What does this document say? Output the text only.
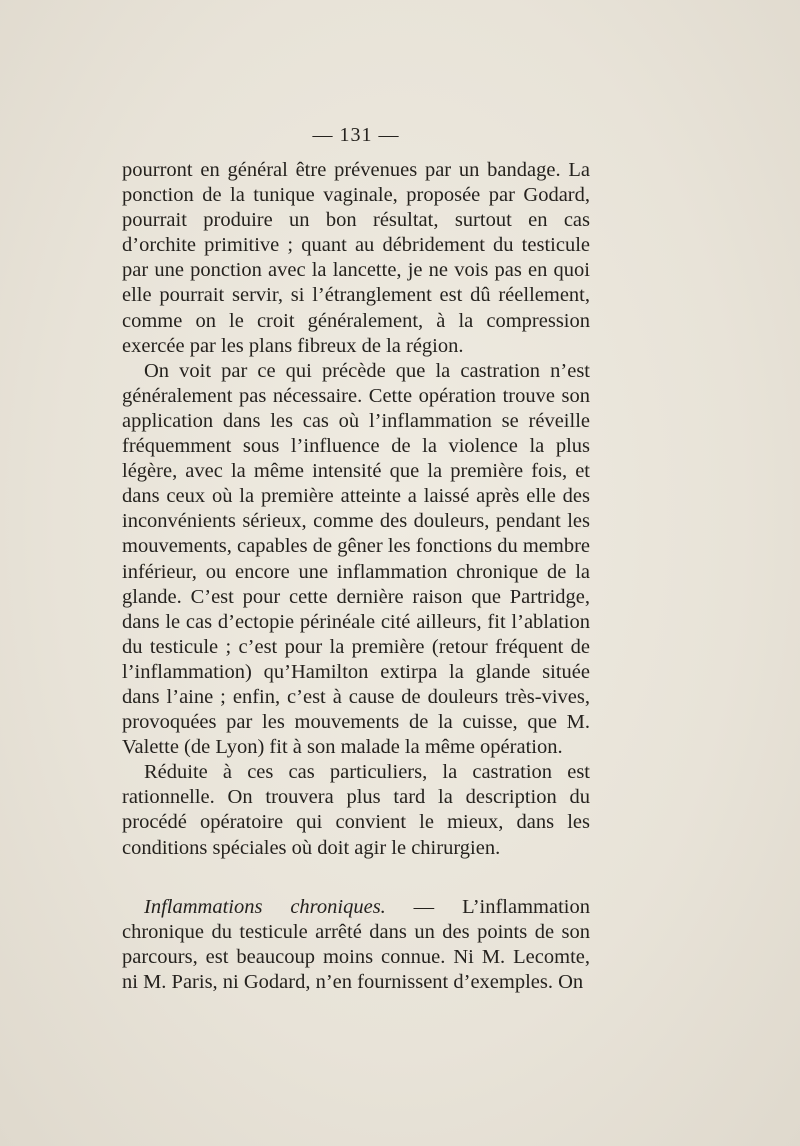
— 131 —

pourront en général être prévenues par un bandage. La ponction de la tunique vaginale, proposée par Godard, pourrait produire un bon résultat, surtout en cas d’orchite primitive ; quant au débridement du testicule par une ponction avec la lancette, je ne vois pas en quoi elle pourrait servir, si l’étranglement est dû réellement, comme on le croit généralement, à la compression exercée par les plans fibreux de la région.

On voit par ce qui précède que la castration n’est généralement pas nécessaire. Cette opération trouve son application dans les cas où l’inflammation se réveille fréquemment sous l’influence de la violence la plus légère, avec la même intensité que la première fois, et dans ceux où la première atteinte a laissé après elle des inconvénients sérieux, comme des douleurs, pendant les mouvements, capables de gêner les fonctions du membre inférieur, ou encore une inflammation chronique de la glande. C’est pour cette dernière raison que Partridge, dans le cas d’ectopie périnéale cité ailleurs, fit l’ablation du testicule ; c’est pour la première (retour fréquent de l’inflammation) qu’Hamilton extirpa la glande située dans l’aine ; enfin, c’est à cause de douleurs très-vives, provoquées par les mouvements de la cuisse, que M. Valette (de Lyon) fit à son malade la même opération.

Réduite à ces cas particuliers, la castration est rationnelle. On trouvera plus tard la description du procédé opératoire qui convient le mieux, dans les conditions spéciales où doit agir le chirurgien.

Inflammations chroniques. — L’inflammation chronique du testicule arrêté dans un des points de son parcours, est beaucoup moins connue. Ni M. Lecomte, ni M. Paris, ni Godard, n’en fournissent d’exemples. On
